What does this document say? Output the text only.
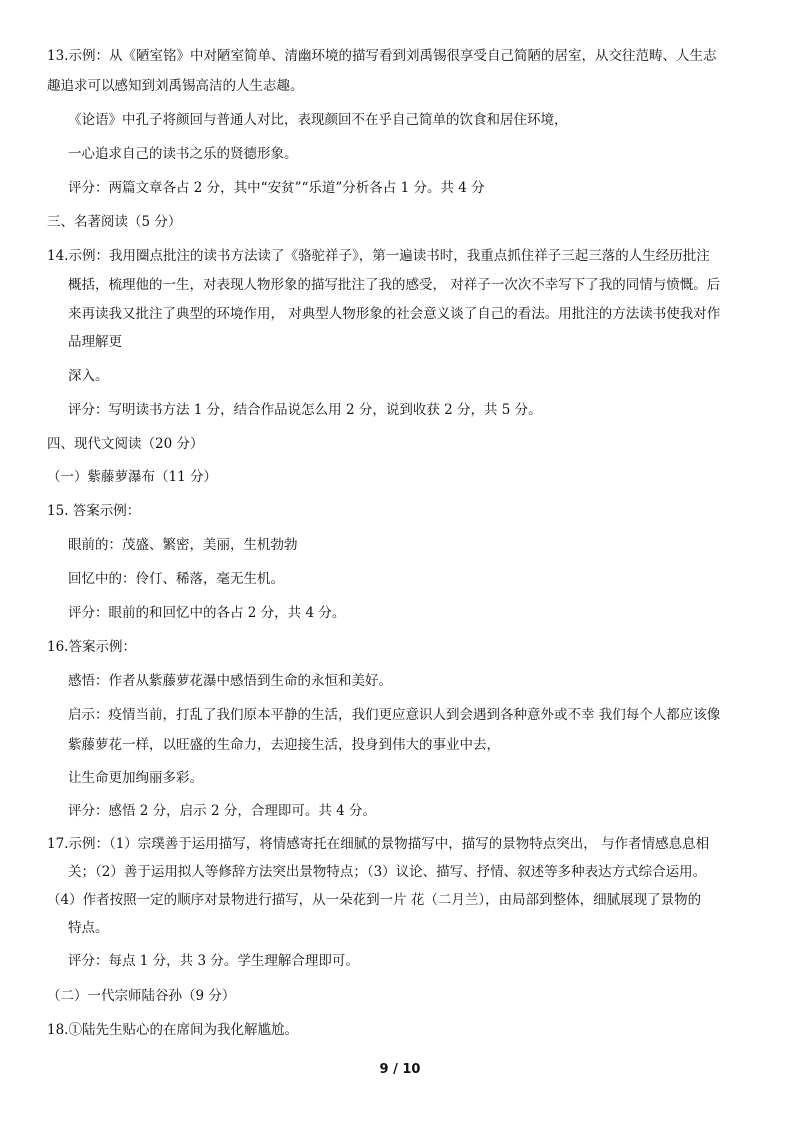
13.示例：从《陋室铭》中对陋室简单、清幽环境的描写看到刘禹锡很享受自己简陋的居室，从交往范畴、人生志
趣追求可以感知到刘禹锡高洁的人生志趣。
《论语》中孔子将颜回与普通人对比，表现颜回不在乎自己简单的饮食和居住环境，
一心追求自己的读书之乐的贤德形象。
评分：两篇文章各占 2 分，其中“安贫”“乐道”分析各占 1 分。共 4 分
三、名著阅读（5 分）
14.示例：我用圈点批注的读书方法读了《骆驼祥子》，第一遍读书时，我重点抓住祥子三起三落的人生经历批注
概括，梳理他的一生，对表现人物形象的描写批注了我的感受， 对祥子一次次不幸写下了我的同情与愤慨。后
来再读我又批注了典型的环境作用， 对典型人物形象的社会意义谈了自己的看法。用批注的方法读书使我对作
品理解更
深入。
评分：写明读书方法 1 分，结合作品说怎么用 2 分，说到收获 2 分，共 5 分。
四、现代文阅读（20 分）
（一）紫藤萝瀑布（11 分）
15. 答案示例：
眼前的：茂盛、繁密，美丽，生机勃勃
回忆中的：伶仃、稀落，毫无生机。
评分：眼前的和回忆中的各占 2 分，共 4 分。
16.答案示例：
感悟：作者从紫藤萝花瀑中感悟到生命的永恒和美好。
启示：疫情当前，打乱了我们原本平静的生活，我们更应意识人到会遇到各种意外或不幸 我们每个人都应该像
紫藤萝花一样，以旺盛的生命力，去迎接生活，投身到伟大的事业中去，
让生命更加绚丽多彩。
评分：感悟 2 分，启示 2 分，合理即可。共 4 分。
17.示例：（1）宗璞善于运用描写，将情感寄托在细腻的景物描写中，描写的景物特点突出， 与作者情感息息相
关；（2）善于运用拟人等修辞方法突出景物特点；（3）议论、描写、抒情、叙述等多种表达方式综合运用。
（4）作者按照一定的顺序对景物进行描写，从一朵花到一片 花（二月兰），由局部到整体，细腻展现了景物的
特点。
评分：每点 1 分，共 3 分。学生理解合理即可。
（二）一代宗师陆谷孙（9 分）
18.①陆先生贴心的在席间为我化解尴尬。
9 / 10
